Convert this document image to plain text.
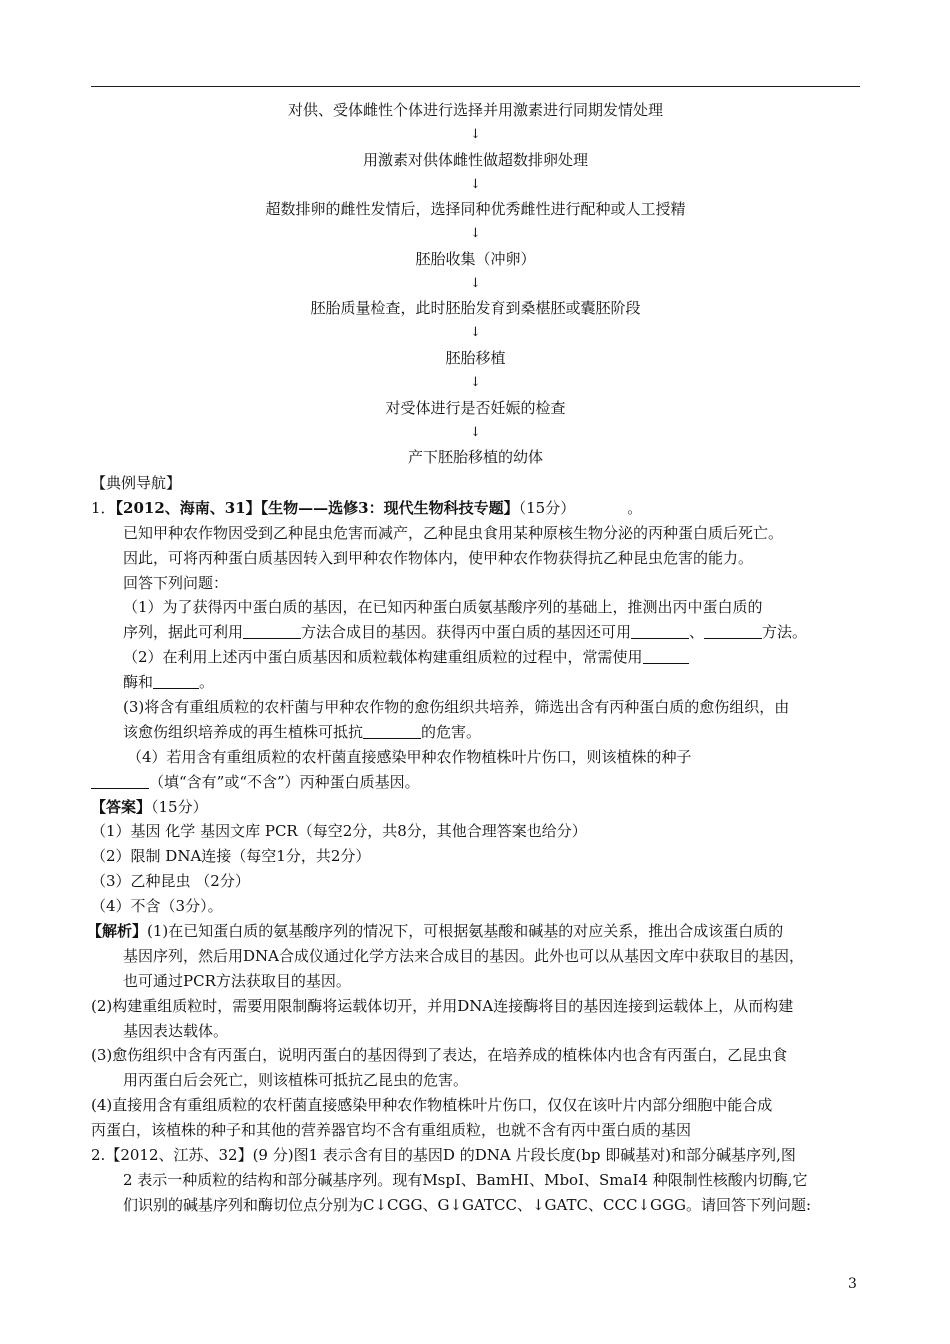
对供、受体雌性个体进行选择并用激素进行同期发情处理
↓
用激素对供体雌性做超数排卵处理
↓
超数排卵的雌性发情后，选择同种优秀雌性进行配种或人工授精
↓
胚胎收集（冲卵）
↓
胚胎质量检查，此时胚胎发育到桑椹胚或囊胚阶段
↓
胚胎移植
↓
对受体进行是否妊娠的检查
↓
产下胚胎移植的幼体
【典例导航】
1．【2012、海南、31】【生物——选修3：现代生物科技专题】（15分）	。
已知甲种农作物因受到乙种昆虫危害而减产，乙种昆虫食用某种原核生物分泌的丙种蛋白质后死亡。
因此，可将丙种蛋白质基因转入到甲种农作物体内，使甲种农作物获得抗乙种昆虫危害的能力。
回答下列问题：
（1）为了获得丙中蛋白质的基因，在已知丙种蛋白质氨基酸序列的基础上，推测出丙中蛋白质的
序列，据此可利用	方法合成目的基因。获得丙中蛋白质的基因还可用	、	方法。
（2）在利用上述丙中蛋白质基因和质粒载体构建重组质粒的过程中，常需使用
酶和	。
(3)将含有重组质粒的农杆菌与甲种农作物的愈伤组织共培养，筛选出含有丙种蛋白质的愈伤组织，由
该愈伤组织培养成的再生植株可抵抗	的危害。
（4）若用含有重组质粒的农杆菌直接感染甲种农作物植株叶片伤口，则该植株的种子
（填“含有”或“不含”）丙种蛋白质基因。
【答案】（15分）
（1）基因 化学 基因文库 PCR（每空2分，共8分，其他合理答案也给分）
（2）限制 DNA连接（每空1分，共2分）
（3）乙种昆虫 （2分）
（4）不含（3分）。
【解析】(1)在已知蛋白质的氨基酸序列的情况下，可根据氨基酸和碱基的对应关系，推出合成该蛋白质的
基因序列，然后用DNA合成仪通过化学方法来合成目的基因。此外也可以从基因文库中获取目的基因，
也可通过PCR方法获取目的基因。
(2)构建重组质粒时，需要用限制酶将运载体切开，并用DNA连接酶将目的基因连接到运载体上，从而构建
基因表达载体。
(3)愈伤组织中含有丙蛋白，说明丙蛋白的基因得到了表达，在培养成的植株体内也含有丙蛋白，乙昆虫食
用丙蛋白后会死亡，则该植株可抵抗乙昆虫的危害。
(4)直接用含有重组质粒的农杆菌直接感染甲种农作物植株叶片伤口，仅仅在该叶片内部分细胞中能合成
丙蛋白，该植株的种子和其他的营养器官均不含有重组质粒，也就不含有丙中蛋白质的基因
2.【2012、江苏、32】(9 分)图1 表示含有目的基因D 的DNA 片段长度(bp 即碱基对)和部分碱基序列,图
2 表示一种质粒的结构和部分碱基序列。现有MspⅠ、BamHⅠ、MboⅠ、SmaⅠ4 种限制性核酸内切酶,它
们识别的碱基序列和酶切位点分别为C↓CGG、G↓GATCC、↓GATC、CCC↓GGG。请回答下列问题:
3
